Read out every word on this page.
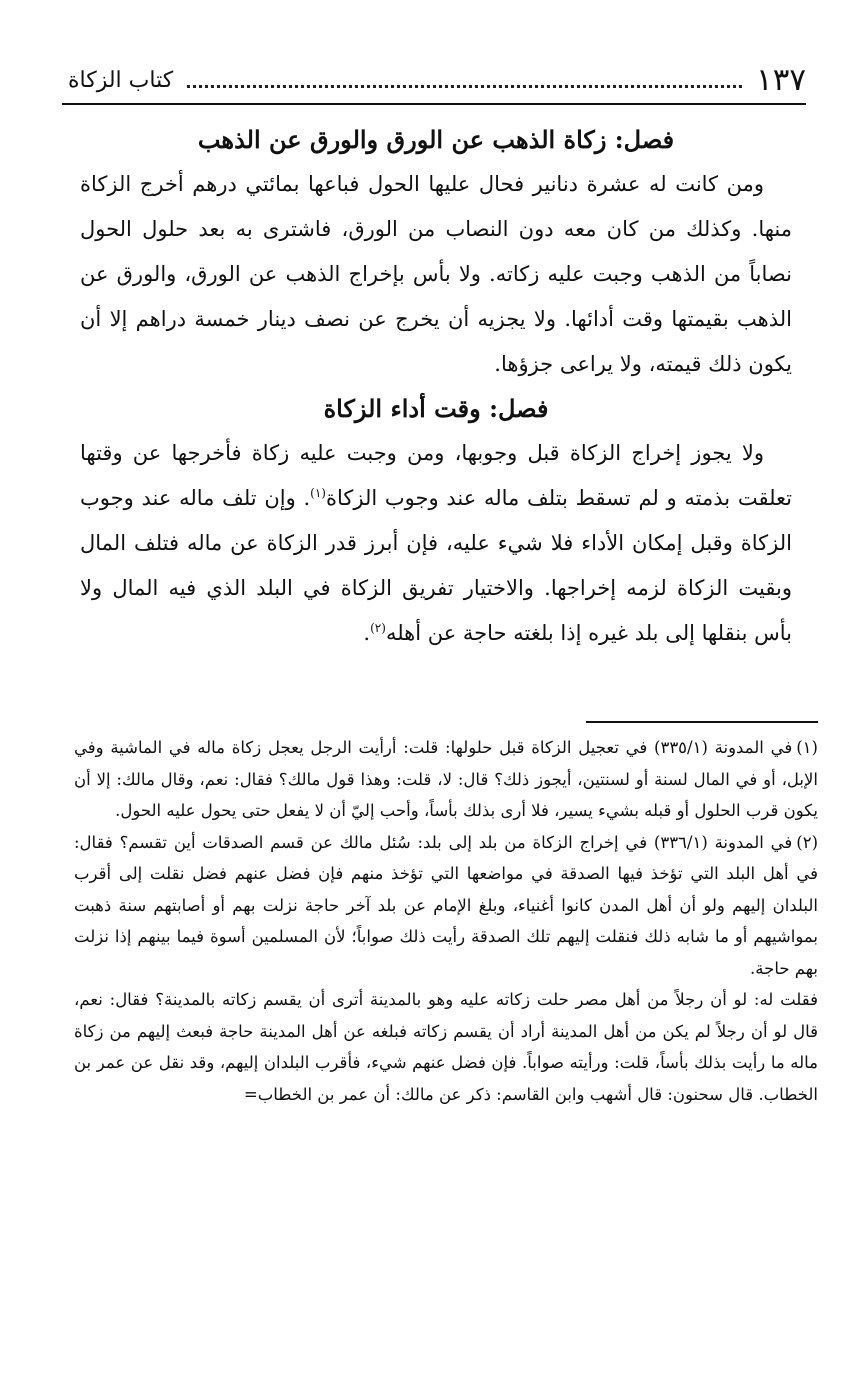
١٣٧
كتاب الزكاة
فصل: زكاة الذهب عن الورق والورق عن الذهب

ومن كانت له عشرة دنانير فحال عليها الحول فباعها بمائتي درهم أخرج الزكاة منها. وكذلك من كان معه دون النصاب من الورق، فاشترى به بعد حلول الحول نصاباً من الذهب وجبت عليه زكاته. ولا بأس بإخراج الذهب عن الورق، والورق عن الذهب بقيمتها وقت أدائها. ولا يجزيه أن يخرج عن نصف دينار خمسة دراهم إلا أن يكون ذلك قيمته، ولا يراعى جزؤها.

فصل: وقت أداء الزكاة

ولا يجوز إخراج الزكاة قبل وجوبها، ومن وجبت عليه زكاة فأخرجها عن وقتها تعلقت بذمته و لم تسقط بتلف ماله عند وجوب الزكاة$^{(١)}$. وإن تلف ماله عند وجوب الزكاة وقبل إمكان الأداء فلا شيء عليه، فإن أبرز قدر الزكاة عن ماله فتلف المال وبقيت الزكاة لزمه إخراجها. والاختيار تفريق الزكاة في البلد الذي فيه المال ولا بأس بنقلها إلى بلد غيره إذا بلغته حاجة عن أهله$^{(٢)}$.

(١)في المدونة (٣٣٥/١) في تعجيل الزكاة قبل حلولها: قلت: أرأيت الرجل يعجل زكاة ماله في الماشية وفي الإبل، أو في المال لسنة أو لسنتين، أيجوز ذلك؟ قال: لا، قلت: وهذا قول مالك؟ فقال: نعم، وقال مالك: إلا أن يكون قرب الحلول أو قبله بشيء يسير، فلا أرى بذلك بأساً، وأحب إليّ أن لا يفعل حتى يحول عليه الحول.

(٢)في المدونة (٣٣٦/١) في إخراج الزكاة من بلد إلى بلد: سُئل مالك عن قسم الصدقات أين تقسم؟ فقال: في أهل البلد التي تؤخذ فيها الصدقة في مواضعها التي تؤخذ منهم فإن فضل عنهم فضل نقلت إلى أقرب البلدان إليهم ولو أن أهل المدن كانوا أغنياء، وبلغ الإمام عن بلد آخر حاجة نزلت بهم أو أصابتهم سنة ذهبت بمواشيهم أو ما شابه ذلك فنقلت إليهم تلك الصدقة رأيت ذلك صواباً؛ لأن المسلمين أسوة فيما بينهم إذا نزلت بهم حاجة.

فقلت له: لو أن رجلاً من أهل مصر حلت زكاته عليه وهو بالمدينة أترى أن يقسم زكاته بالمدينة؟ فقال: نعم، قال لو أن رجلاً لم يكن من أهل المدينة أراد أن يقسم زكاته فبلغه عن أهل المدينة حاجة فبعث إليهم من زكاة ماله ما رأيت بذلك بأساً، قلت: ورأيته صواباً. فإن فضل عنهم شيء، فأقرب البلدان إليهم، وقد نقل عن عمر بن الخطاب. قال سحنون: قال أشهب وابن القاسم: ذكر عن مالك: أن عمر بن الخطاب=
